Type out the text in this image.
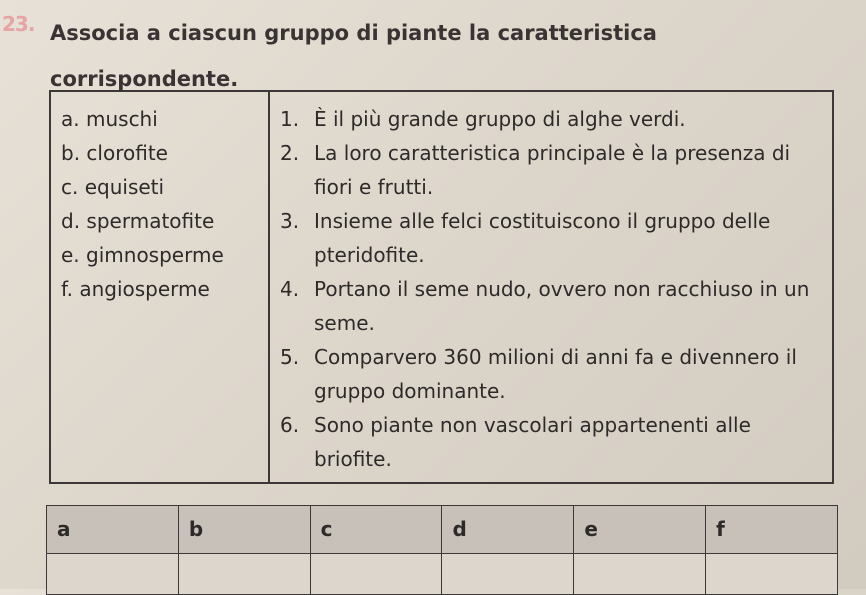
23. Associa a ciascun gruppo di piante la caratteristica corrispondente.
a. muschi
b. clorofite
c. equiseti
d. spermatofite
e. gimnosperme
f. angiosperme
1. È il più grande gruppo di alghe verdi.
2. La loro caratteristica principale è la presenza di fiori e frutti.
3. Insieme alle felci costituiscono il gruppo delle pteridofite.
4. Portano il seme nudo, ovvero non racchiuso in un seme.
5. Comparvero 360 milioni di anni fa e divennero il gruppo dominante.
6. Sono piante non vascolari appartenenti alle briofite.
a	b	c	d	e	f
